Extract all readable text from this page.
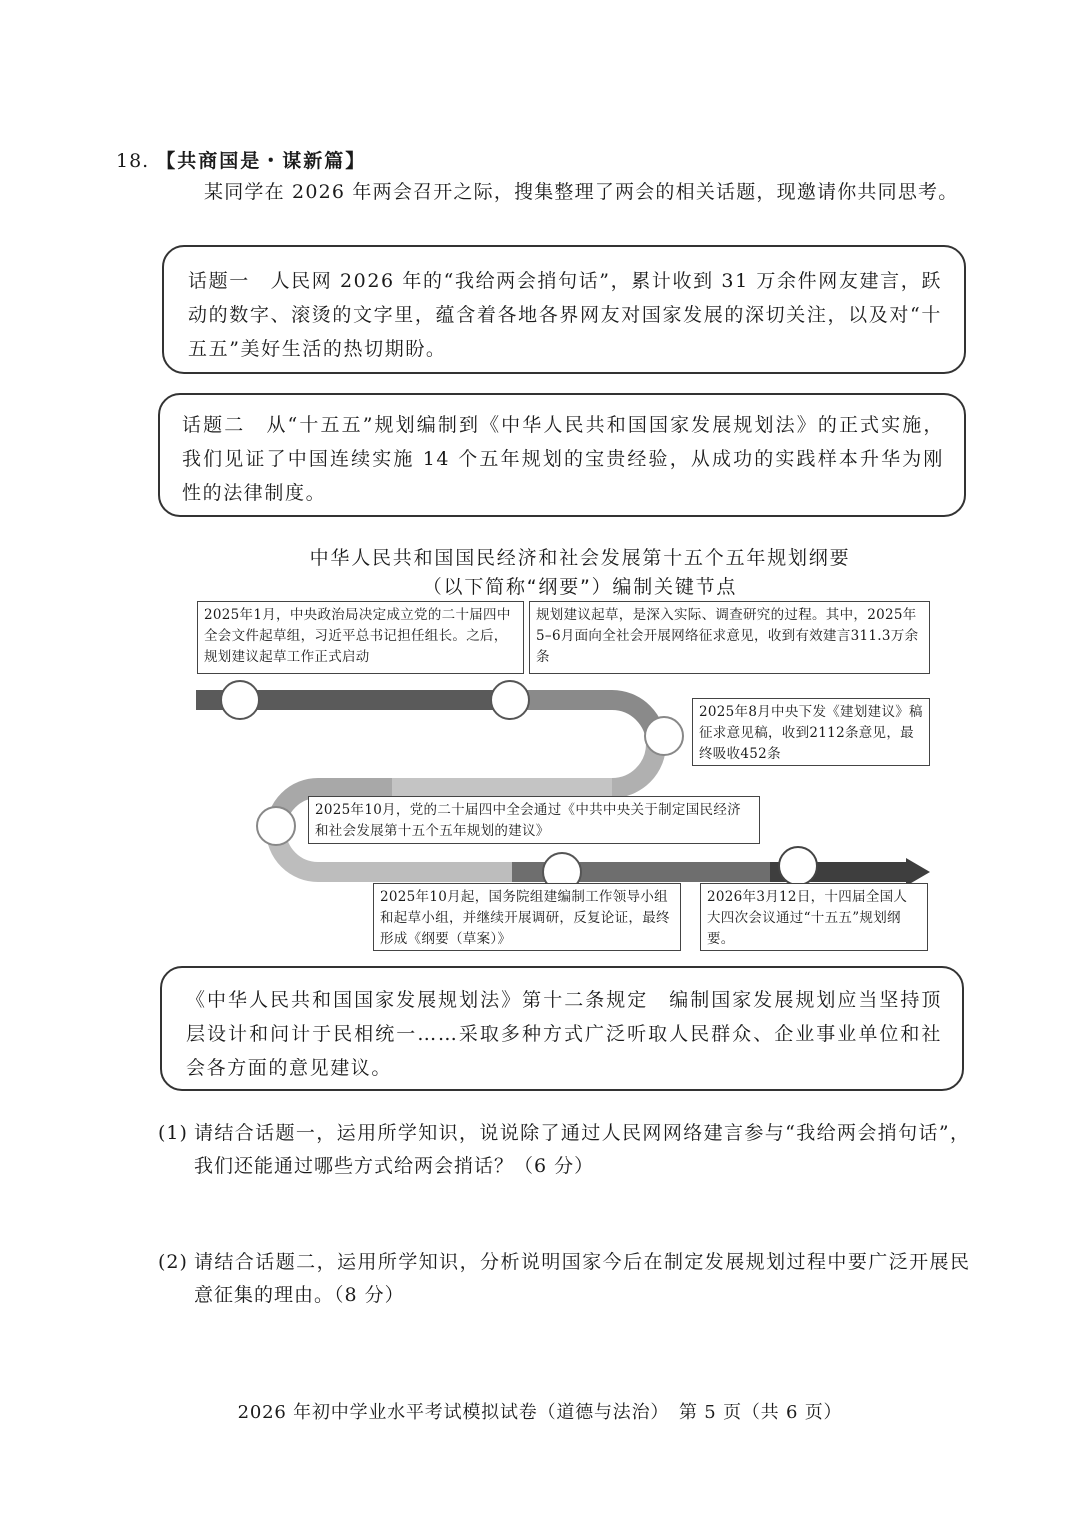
18. 【共商国是・谋新篇】
某同学在 2026 年两会召开之际，搜集整理了两会的相关话题，现邀请你共同思考。
话题一　人民网 2026 年的“我给两会捎句话”，累计收到 31 万余件网友建言，跃动的数字、滚烫的文字里，蕴含着各地各界网友对国家发展的深切关注，以及对“十五五”美好生活的热切期盼。
话题二　从“十五五”规划编制到《中华人民共和国国家发展规划法》的正式实施，我们见证了中国连续实施 14 个五年规划的宝贵经验，从成功的实践样本升华为刚性的法律制度。
中华人民共和国国民经济和社会发展第十五个五年规划纲要
（以下简称“纲要”）编制关键节点
2025年1月，中央政治局决定成立党的二十届四中全会文件起草组，习近平总书记担任组长。之后，规划建议起草工作正式启动
规划建议起草，是深入实际、调查研究的过程。其中，2025年5–6月面向全社会开展网络征求意见，收到有效建言311.3万余条
2025年8月中央下发《建划建议》稿征求意见稿，收到2112条意见，最终吸收452条
2025年10月，党的二十届四中全会通过《中共中央关于制定国民经济和社会发展第十五个五年规划的建议》
2025年10月起，国务院组建编制工作领导小组和起草小组，并继续开展调研，反复论证，最终形成《纲要（草案）》
2026年3月12日，十四届全国人大四次会议通过“十五五”规划纲要。
《中华人民共和国国家发展规划法》第十二条规定　编制国家发展规划应当坚持顶层设计和问计于民相统一……采取多种方式广泛听取人民群众、企业事业单位和社会各方面的意见建议。
(1) 请结合话题一，运用所学知识，说说除了通过人民网网络建言参与“我给两会捎句话”，我们还能通过哪些方式给两会捎话？（6 分）
(2) 请结合话题二，运用所学知识，分析说明国家今后在制定发展规划过程中要广泛开展民意征集的理由。（8 分）
2026 年初中学业水平考试模拟试卷（道德与法治）　第 5 页（共 6 页）
